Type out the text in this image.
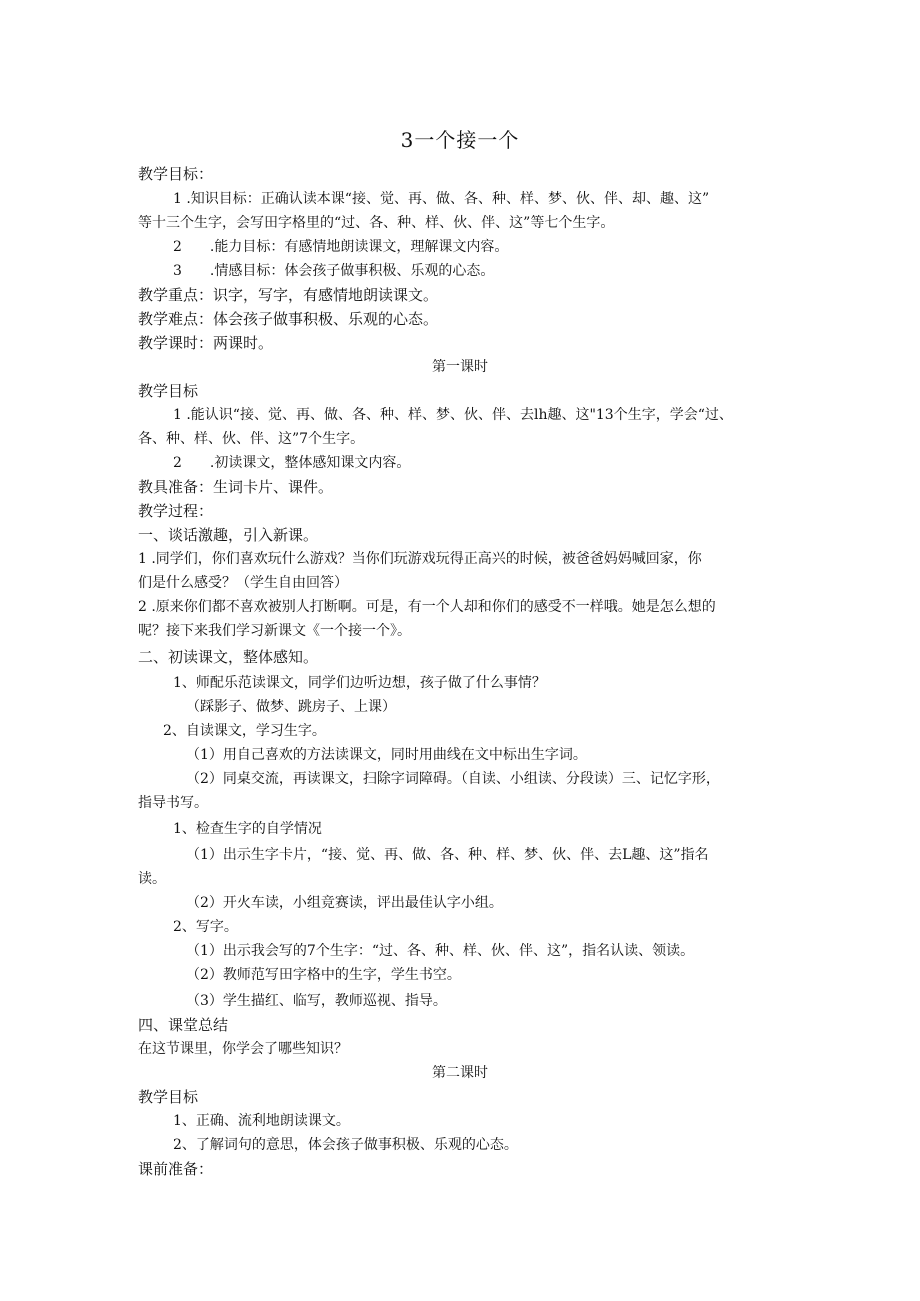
3一个接一个
教学目标：
1 .知识目标：正确认读本课“接、觉、再、做、各、种、样、梦、伙、伴、却、趣、这”
等十三个生字，会写田字格里的“过、各、种、样、伙、伴、这”等七个生字。
2　　.能力目标：有感情地朗读课文，理解课文内容。
3　　.情感目标：体会孩子做事积极、乐观的心态。
教学重点：识字，写字，有感情地朗读课文。
教学难点：体会孩子做事积极、乐观的心态。
教学课时：两课时。
第一课时
教学目标
1 .能认识“接、觉、再、做、各、种、样、梦、伙、伴、去lh趣、这"13个生字，学会“过、
各、种、样、伙、伴、这”7个生字。
2　　.初读课文，整体感知课文内容。
教具准备：生词卡片、课件。
教学过程：
一、谈话激趣，引入新课。
1 .同学们，你们喜欢玩什么游戏？当你们玩游戏玩得正高兴的时候，被爸爸妈妈喊回家，你
们是什么感受？（学生自由回答）
2 .原来你们都不喜欢被别人打断啊。可是，有一个人却和你们的感受不一样哦。她是怎么想的
呢？接下来我们学习新课文《一个接一个》。
二、初读课文，整体感知。
1、师配乐范读课文，同学们边听边想，孩子做了什么事情？
（踩影子、做梦、跳房子、上课）
2、自读课文，学习生字。
（1）用自己喜欢的方法读课文，同时用曲线在文中标出生字词。
（2）同桌交流，再读课文，扫除字词障碍。（自读、小组读、分段读）三、记忆字形，
指导书写。
1、检查生字的自学情况
（1）出示生字卡片，“接、觉、再、做、各、种、样、梦、伙、伴、去L趣、这”指名
读。
（2）开火车读，小组竞赛读，评出最佳认字小组。
2、写字。
（1）出示我会写的7个生字：“过、各、种、样、伙、伴、这”，指名认读、领读。
（2）教师范写田字格中的生字，学生书空。
（3）学生描红、临写，教师巡视、指导。
四、课堂总结
在这节课里，你学会了哪些知识？
第二课时
教学目标
1、正确、流利地朗读课文。
2、了解词句的意思，体会孩子做事积极、乐观的心态。
课前准备：
